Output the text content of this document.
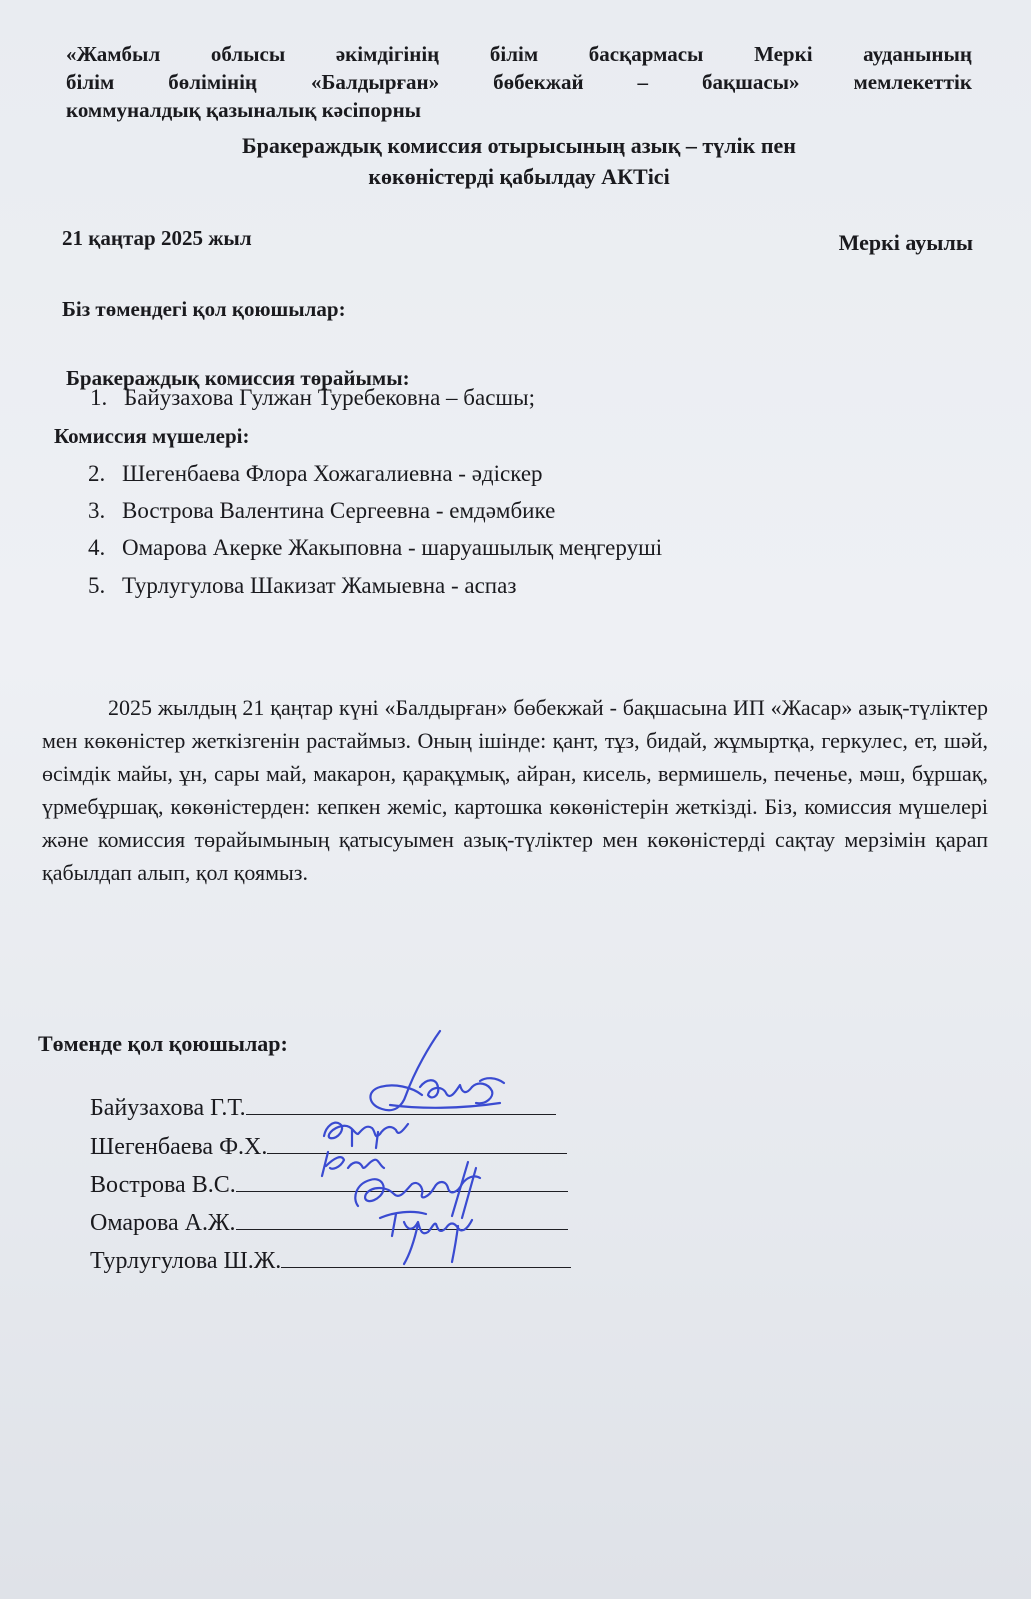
«Жамбыл облысы әкімдігінің білім басқармасы Меркі ауданының
білім бөлімінің «Балдырған» бөбекжай – бақшасы» мемлекеттік
коммуналдық қазыналық кәсіпорны
Бракераждық комиссия отырысының азық – түлік пен
көкөністерді қабылдау АКТісі
21 қаңтар 2025 жыл	Меркі ауылы
Біз төмендегі қол қоюшылар:
Бракераждық комиссия төрайымы:
1. Байузахова Гулжан Туребековна – басшы;
Комиссия мүшелері:
2. Шегенбаева Флора Хожагалиевна - әдіскер
3. Вострова Валентина Сергеевна - емдәмбике
4. Омарова Акерке Жакыповна - шаруашылық меңгеруші
5. Турлугулова Шакизат Жамыевна - аспаз
2025 жылдың 21 қаңтар күні «Балдырған» бөбекжай - бақшасына ИП «Жасар» азық-түліктер мен көкөністер жеткізгенін растаймыз. Оның ішінде: қант, тұз, бидай, жұмыртқа, геркулес, ет, шәй, өсімдік майы, ұн, сары май, макарон, қарақұмық, айран, кисель, вермишель, печенье, мәш, бұршақ, үрмебұршақ, көкөністерден: кепкен жеміс, картошка көкөністерін жеткізді. Біз, комиссия мүшелері және комиссия төрайымының қатысуымен азық-түліктер мен көкөністерді сақтау мерзімін қарап қабылдап алып, қол қоямыз.
Төменде қол қоюшылар:
Байузахова Г.Т.
Шегенбаева Ф.Х.
Вострова В.С.
Омарова А.Ж.
Турлугулова Ш.Ж.
